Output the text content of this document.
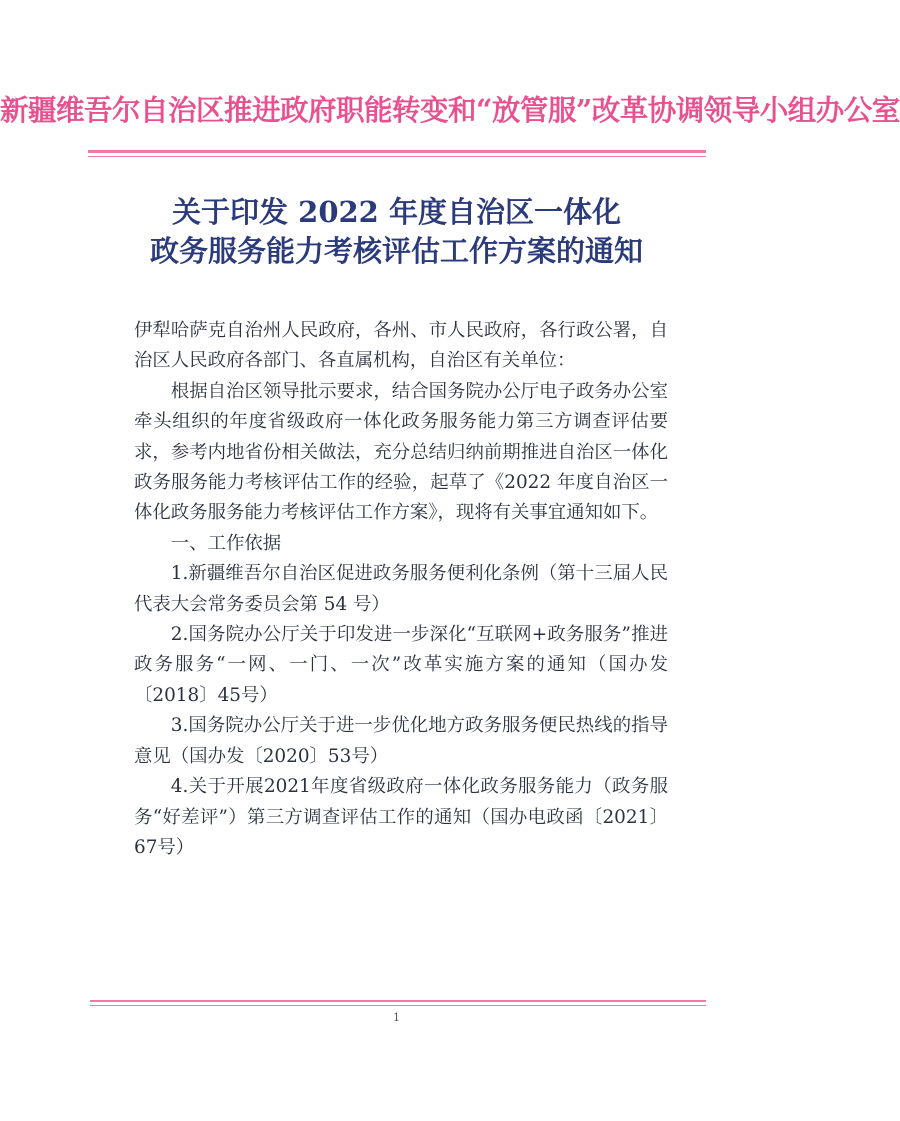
新疆维吾尔自治区推进政府职能转变和“放管服”改革协调领导小组办公室
关于印发 2022 年度自治区一体化
政务服务能力考核评估工作方案的通知

伊犁哈萨克自治州人民政府，各州、市人民政府，各行政公署，自治区人民政府各部门、各直属机构，自治区有关单位：

根据自治区领导批示要求，结合国务院办公厅电子政务办公室牵头组织的年度省级政府一体化政务服务能力第三方调查评估要求，参考内地省份相关做法，充分总结归纳前期推进自治区一体化政务服务能力考核评估工作的经验，起草了《2022 年度自治区一体化政务服务能力考核评估工作方案》，现将有关事宜通知如下。

一、工作依据

1.新疆维吾尔自治区促进政务服务便利化条例（第十三届人民代表大会常务委员会第 54 号）

2.国务院办公厅关于印发进一步深化“互联网+政务服务”推进政务服务“一网、一门、一次”改革实施方案的通知（国办发〔2018〕45号）

3.国务院办公厅关于进一步优化地方政务服务便民热线的指导意见（国办发〔2020〕53号）

4.关于开展2021年度省级政府一体化政务服务能力（政务服务“好差评”）第三方调查评估工作的通知（国办电政函〔2021〕67号）

1
